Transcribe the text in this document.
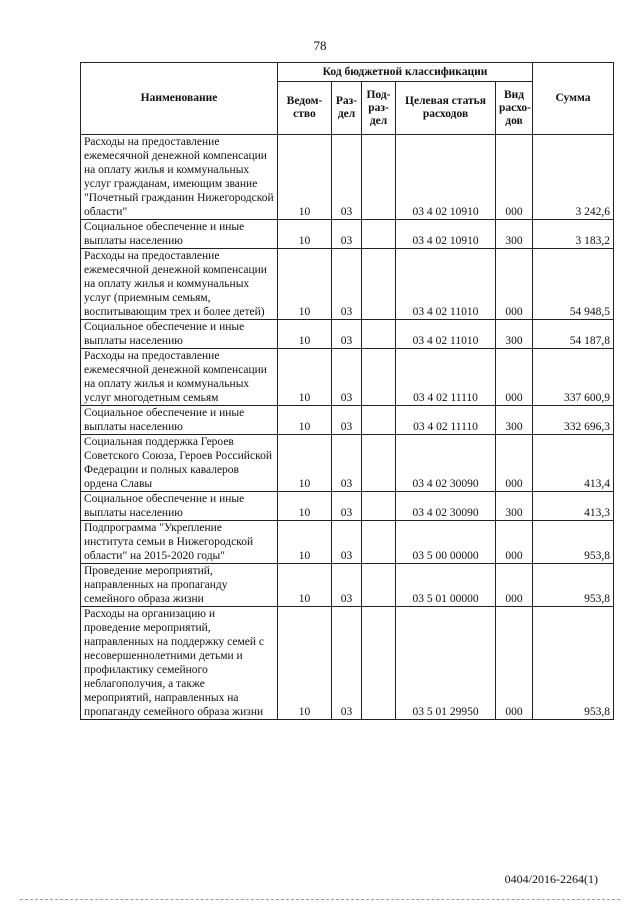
78
Наименование	Код бюджетной классификации					Сумма
	Ведом-ство	Раз-дел	Под-раз-дел	Целевая статья расходов	Вид расхо-дов	
Расходы на предоставление ежемесячной денежной компенсации на оплату жилья и коммунальных услуг гражданам, имеющим звание "Почетный гражданин Нижегородской области"	10	03		03 4 02 10910	000	3 242,6
Социальное обеспечение и иные выплаты населению	10	03		03 4 02 10910	300	3 183,2
Расходы на предоставление ежемесячной денежной компенсации на оплату жилья и коммунальных услуг (приемным семьям, воспитывающим трех и более детей)	10	03		03 4 02 11010	000	54 948,5
Социальное обеспечение и иные выплаты населению	10	03		03 4 02 11010	300	54 187,8
Расходы на предоставление ежемесячной денежной компенсации на оплату жилья и коммунальных услуг многодетным семьям	10	03		03 4 02 11110	000	337 600,9
Социальное обеспечение и иные выплаты населению	10	03		03 4 02 11110	300	332 696,3
Социальная поддержка Героев Советского Союза, Героев Российской Федерации и полных кавалеров ордена Славы	10	03		03 4 02 30090	000	413,4
Социальное обеспечение и иные выплаты населению	10	03		03 4 02 30090	300	413,3
Подпрограмма "Укрепление института семьи в Нижегородской области" на 2015-2020 годы"	10	03		03 5 00 00000	000	953,8
Проведение мероприятий, направленных на пропаганду семейного образа жизни	10	03		03 5 01 00000	000	953,8
Расходы на организацию и проведение мероприятий, направленных на поддержку семей с несовершеннолетними детьми и профилактику семейного неблагополучия, а также мероприятий, направленных на пропаганду семейного образа жизни	10	03		03 5 01 29950	000	953,8
0404/2016-2264(1)
